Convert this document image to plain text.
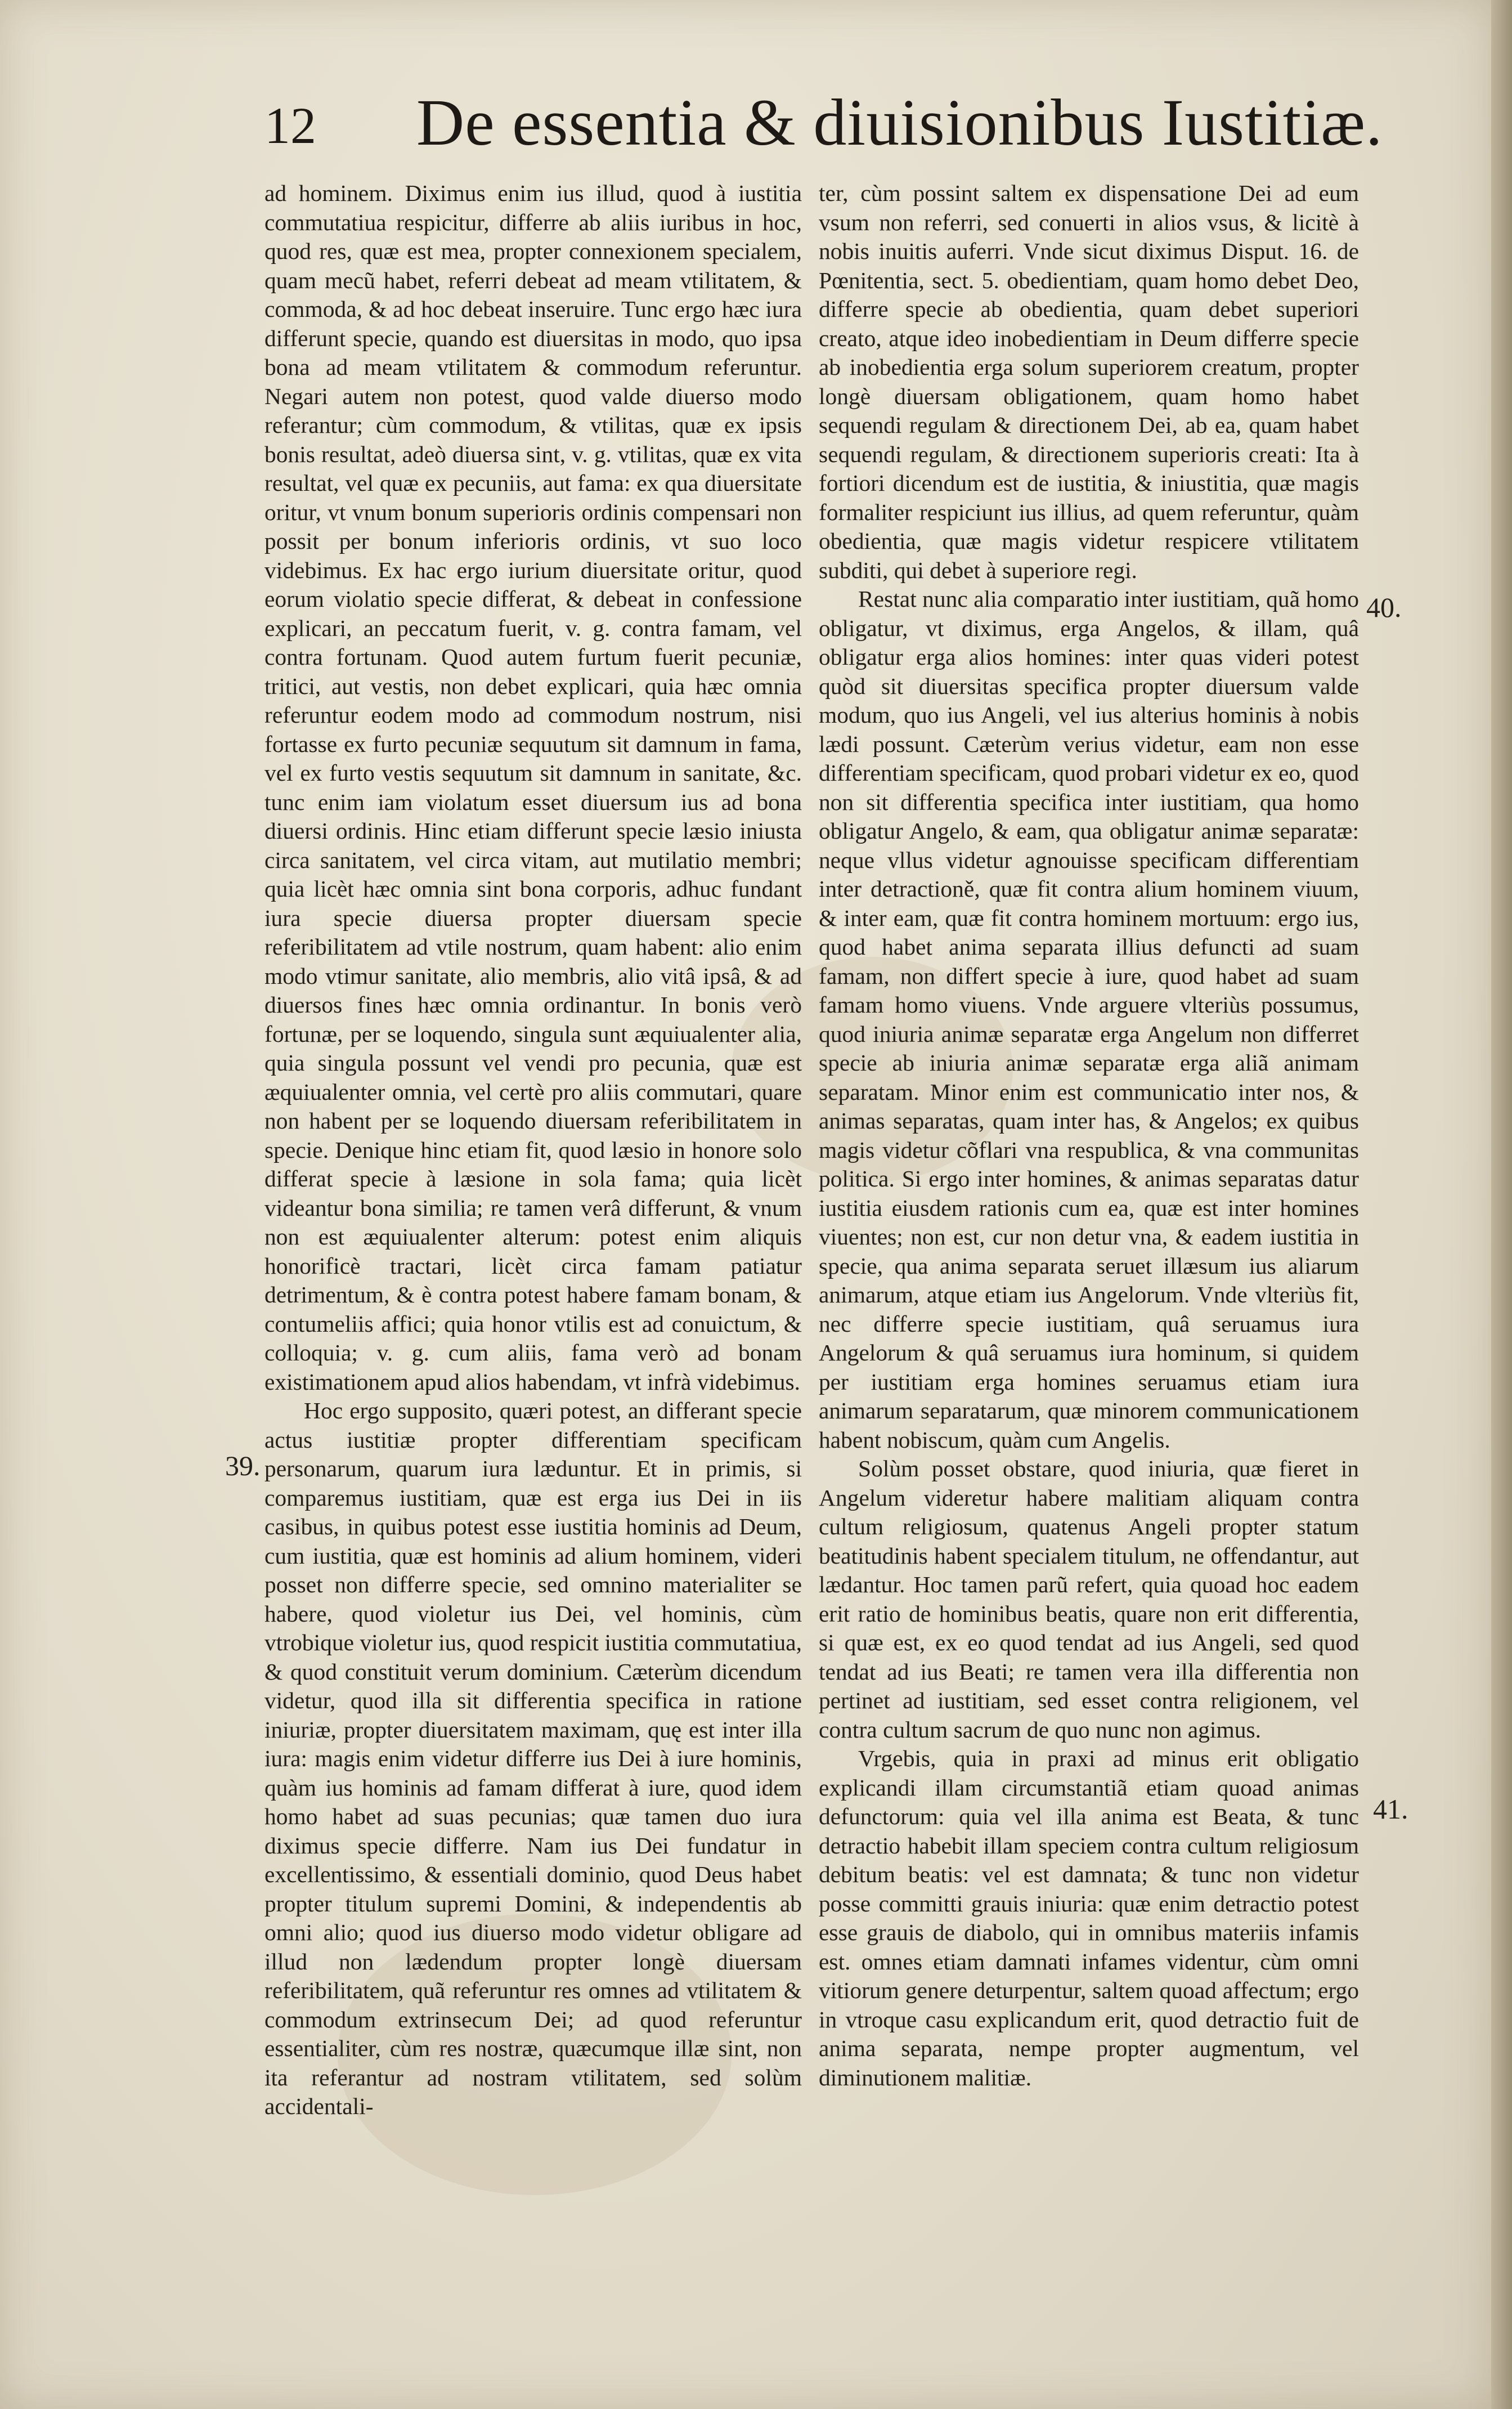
12 De essentia & diuisionibus Iustitiæ.

ad hominem. Diximus enim ius illud, quod à iustitia commutatiua respicitur, differre ab aliis iuribus in hoc, quod res, quæ est mea, propter connexionem specialem, quam mecũ habet, referri debeat ad meam vtilitatem, & commoda, & ad hoc debeat inseruire. Tunc ergo hæc iura differunt specie, quando est diuersitas in modo, quo ipsa bona ad meam vtilitatem & commodum referuntur. Negari autem non potest, quod valde diuerso modo referantur; cùm commodum, & vtilitas, quæ ex ipsis bonis resultat, adeò diuersa sint, v. g. vtilitas, quæ ex vita resultat, vel quæ ex pecuniis, aut fama: ex qua diuersitate oritur, vt vnum bonum superioris ordinis compensari non possit per bonum inferioris ordinis, vt suo loco videbimus. Ex hac ergo iurium diuersitate oritur, quod eorum violatio specie differat, & debeat in confessione explicari, an peccatum fuerit, v. g. contra famam, vel contra fortunam. Quod autem furtum fuerit pecuniæ, tritici, aut vestis, non debet explicari, quia hæc omnia referuntur eodem modo ad commodum nostrum, nisi fortasse ex furto pecuniæ sequutum sit damnum in fama, vel ex furto vestis sequutum sit damnum in sanitate, &c. tunc enim iam violatum esset diuersum ius ad bona diuersi ordinis. Hinc etiam differunt specie læsio iniusta circa sanitatem, vel circa vitam, aut mutilatio membri; quia licèt hæc omnia sint bona corporis, adhuc fundant iura specie diuersa propter diuersam specie referibilitatem ad vtile nostrum, quam habent: alio enim modo vtimur sanitate, alio membris, alio vitâ ipsâ, & ad diuersos fines hæc omnia ordinantur. In bonis verò fortunæ, per se loquendo, singula sunt æquiualenter alia, quia singula possunt vel vendi pro pecunia, quæ est æquiualenter omnia, vel certè pro aliis commutari, quare non habent per se loquendo diuersam referibilitatem in specie. Denique hinc etiam fit, quod læsio in honore solo differat specie à læsione in sola fama; quia licèt videantur bona similia; re tamen verâ differunt, & vnum non est æquiualenter alterum: potest enim aliquis honorificè tractari, licèt circa famam patiatur detrimentum, & è contra potest habere famam bonam, & contumeliis affici; quia honor vtilis est ad conuictum, & colloquia; v. g. cum aliis, fama verò ad bonam existimationem apud alios habendam, vt infrà videbimus.

Hoc ergo supposito, quæri potest, an differant specie actus iustitiæ propter differentiam specificam personarum, quarum iura læduntur. Et in primis, si comparemus iustitiam, quæ est erga ius Dei in iis casibus, in quibus potest esse iustitia hominis ad Deum, cum iustitia, quæ est hominis ad alium hominem, videri posset non differre specie, sed omnino materialiter se habere, quod violetur ius Dei, vel hominis, cùm vtrobique violetur ius, quod respicit iustitia commutatiua, & quod constituit verum dominium. Cæterùm dicendum videtur, quod illa sit differentia specifica in ratione iniuriæ, propter diuersitatem maximam, quę est inter illa iura: magis enim videtur differre ius Dei à iure hominis, quàm ius hominis ad famam differat à iure, quod idem homo habet ad suas pecunias; quæ tamen duo iura diximus specie differre. Nam ius Dei fundatur in excellentissimo, & essentiali dominio, quod Deus habet propter titulum supremi Domini, & independentis ab omni alio; quod ius diuerso modo videtur obligare ad illud non lædendum propter longè diuersam referibilitatem, quã referuntur res omnes ad vtilitatem & commodum extrinsecum Dei; ad quod referuntur essentialiter, cùm res nostræ, quæcumque illæ sint, non ita referantur ad nostram vtilitatem, sed solùm accidentali-

ter, cùm possint saltem ex dispensatione Dei ad eum vsum non referri, sed conuerti in alios vsus, & licitè à nobis inuitis auferri. Vnde sicut diximus Disput. 16. de Pœnitentia, sect. 5. obedientiam, quam homo debet Deo, differre specie ab obedientia, quam debet superiori creato, atque ideo inobedientiam in Deum differre specie ab inobedientia erga solum superiorem creatum, propter longè diuersam obligationem, quam homo habet sequendi regulam & directionem Dei, ab ea, quam habet sequendi regulam, & directionem superioris creati: Ita à fortiori dicendum est de iustitia, & iniustitia, quæ magis formaliter respiciunt ius illius, ad quem referuntur, quàm obedientia, quæ magis videtur respicere vtilitatem subditi, qui debet à superiore regi.

Restat nunc alia comparatio inter iustitiam, quã homo obligatur, vt diximus, erga Angelos, & illam, quâ obligatur erga alios homines: inter quas videri potest quòd sit diuersitas specifica propter diuersum valde modum, quo ius Angeli, vel ius alterius hominis à nobis lædi possunt. Cæterùm verius videtur, eam non esse differentiam specificam, quod probari videtur ex eo, quod non sit differentia specifica inter iustitiam, qua homo obligatur Angelo, & eam, qua obligatur animæ separatæ: neque vllus videtur agnouisse specificam differentiam inter detractioně, quæ fit contra alium hominem viuum, & inter eam, quæ fit contra hominem mortuum: ergo ius, quod habet anima separata illius defuncti ad suam famam, non differt specie à iure, quod habet ad suam famam homo viuens. Vnde arguere vlteriùs possumus, quod iniuria animæ separatæ erga Angelum non differret specie ab iniuria animæ separatæ erga aliã animam separatam. Minor enim est communicatio inter nos, & animas separatas, quam inter has, & Angelos; ex quibus magis videtur cõflari vna respublica, & vna communitas politica. Si ergo inter homines, & animas separatas datur iustitia eiusdem rationis cum ea, quæ est inter homines viuentes; non est, cur non detur vna, & eadem iustitia in specie, qua anima separata seruet illæsum ius aliarum animarum, atque etiam ius Angelorum. Vnde vlteriùs fit, nec differre specie iustitiam, quâ seruamus iura Angelorum & quâ seruamus iura hominum, si quidem per iustitiam erga homines seruamus etiam iura animarum separatarum, quæ minorem communicationem habent nobiscum, quàm cum Angelis.

Solùm posset obstare, quod iniuria, quæ fieret in Angelum videretur habere malitiam aliquam contra cultum religiosum, quatenus Angeli propter statum beatitudinis habent specialem titulum, ne offendantur, aut lædantur. Hoc tamen parũ refert, quia quoad hoc eadem erit ratio de hominibus beatis, quare non erit differentia, si quæ est, ex eo quod tendat ad ius Angeli, sed quod tendat ad ius Beati; re tamen vera illa differentia non pertinet ad iustitiam, sed esset contra religionem, vel contra cultum sacrum de quo nunc non agimus.

Vrgebis, quia in praxi ad minus erit obligatio explicandi illam circumstantiã etiam quoad animas defunctorum: quia vel illa anima est Beata, & tunc detractio habebit illam speciem contra cultum religiosum debitum beatis: vel est damnata; & tunc non videtur posse committi grauis iniuria: quæ enim detractio potest esse grauis de diabolo, qui in omnibus materiis infamis est. omnes etiam damnati infames videntur, cùm omni vitiorum genere deturpentur, saltem quoad affectum; ergo in vtroque casu explicandum erit, quod detractio fuit de anima separata, nempe propter augmentum, vel diminutionem malitiæ.

39.
40.
41.
